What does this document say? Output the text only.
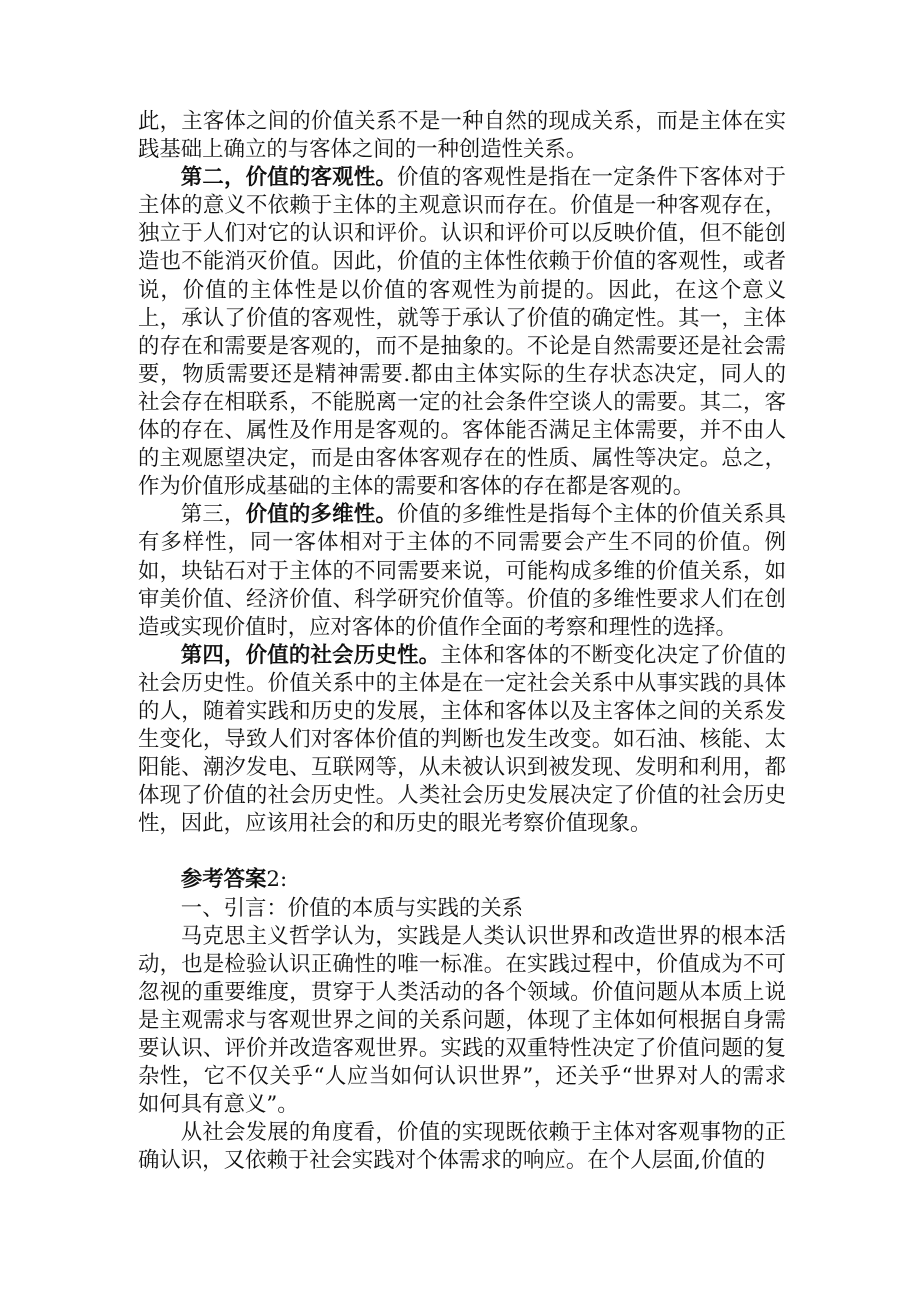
此，主客体之间的价值关系不是一种自然的现成关系，而是主体在实践基础上确立的与客体之间的一种创造性关系。

第二，价值的客观性。价值的客观性是指在一定条件下客体对于主体的意义不依赖于主体的主观意识而存在。价值是一种客观存在，独立于人们对它的认识和评价。认识和评价可以反映价值，但不能创造也不能消灭价值。因此，价值的主体性依赖于价值的客观性，或者说，价值的主体性是以价值的客观性为前提的。因此，在这个意义上，承认了价值的客观性，就等于承认了价值的确定性。其一，主体的存在和需要是客观的，而不是抽象的。不论是自然需要还是社会需要，物质需要还是精神需要.都由主体实际的生存状态决定，同人的社会存在相联系，不能脱离一定的社会条件空谈人的需要。其二，客体的存在、属性及作用是客观的。客体能否满足主体需要，并不由人的主观愿望决定，而是由客体客观存在的性质、属性等决定。总之，作为价值形成基础的主体的需要和客体的存在都是客观的。

第三，价值的多维性。价值的多维性是指每个主体的价值关系具有多样性，同一客体相对于主体的不同需要会产生不同的价值。例如，块钻石对于主体的不同需要来说，可能构成多维的价值关系，如审美价值、经济价值、科学研究价值等。价值的多维性要求人们在创造或实现价值时，应对客体的价值作全面的考察和理性的选择。

第四，价值的社会历史性。主体和客体的不断变化决定了价值的社会历史性。价值关系中的主体是在一定社会关系中从事实践的具体的人，随着实践和历史的发展，主体和客体以及主客体之间的关系发生变化，导致人们对客体价值的判断也发生改变。如石油、核能、太阳能、潮汐发电、互联网等，从未被认识到被发现、发明和利用，都体现了价值的社会历史性。人类社会历史发展决定了价值的社会历史性，因此，应该用社会的和历史的眼光考察价值现象。

参考答案2:

一、引言：价值的本质与实践的关系

马克思主义哲学认为，实践是人类认识世界和改造世界的根本活动，也是检验认识正确性的唯一标准。在实践过程中，价值成为不可忽视的重要维度，贯穿于人类活动的各个领域。价值问题从本质上说是主观需求与客观世界之间的关系问题，体现了主体如何根据自身需要认识、评价并改造客观世界。实践的双重特性决定了价值问题的复杂性，它不仅关乎“人应当如何认识世界”，还关乎“世界对人的需求如何具有意义”。

从社会发展的角度看，价值的实现既依赖于主体对客观事物的正确认识，又依赖于社会实践对个体需求的响应。在个人层面,价值的
